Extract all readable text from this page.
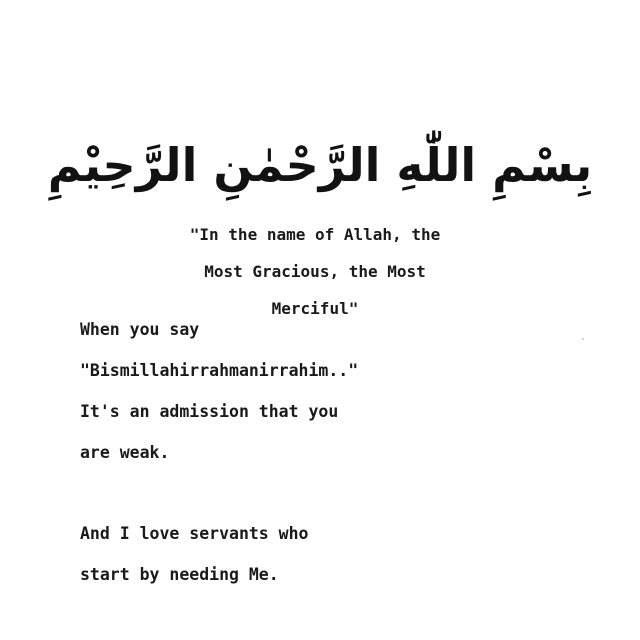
بِسْمِ اللّٰهِ الرَّحْمٰنِ الرَّحِيْمِ
"In the name of Allah, the
Most Gracious, the Most
Merciful"
When you say
"Bismillahirrahmanirrahim.."
It's an admission that you
are weak.
And I love servants who
start by needing Me.
